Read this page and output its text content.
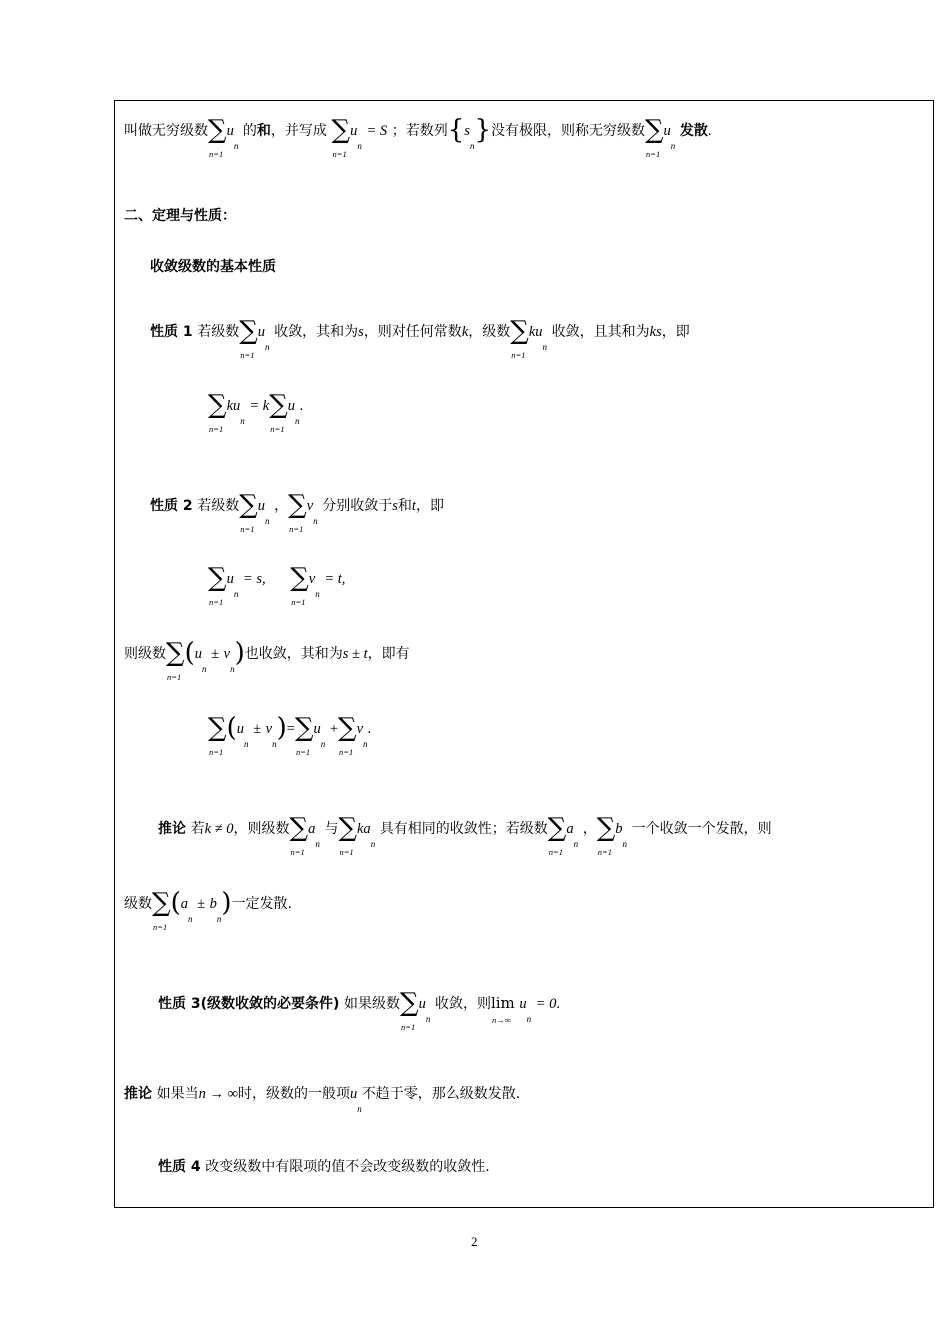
叫做无穷级数∑
n=1
$u_n$ 的和，并写成 ∑
n=1
$u_n = S$ ；若数列$\{s_n\}$没有极限，则称无穷级数∑
n=1
$u_n$ 发散.
二、定理与性质：
收敛级数的基本性质
性质 1 若级数∑
n=1
$u_n$ 收敛，其和为s，则对任何常数k，级数∑
n=1
$ku_n$ 收敛，且其和为ks，即
∑
n=1
$ku_n = k\sum$
n=1
$u_n$.
性质 2 若级数∑
n=1
$u_n$ ，∑
n=1
$v_n$ 分别收敛于s和t，即
∑
n=1
$u_n = s$, ∑
n=1
$v_n = t$,
则级数∑
n=1
$(u_n \pm v_n)$也收敛，其和为s ± t，即有
∑
n=1
$(u_n \pm v_n)=\sum$
n=1
$u_n$ +∑
n=1
$v_n$.
推论 若k ≠ 0，则级数∑
n=1
$a_n$ 与∑
n=1
$ka_n$ 具有相同的收敛性；若级数∑
n=1
$a_n$ ，∑
n=1
$b_n$ 一个收敛一个发散，则
级数∑
n=1
$(a_n \pm b_n)$一定发散.
性质 3(级数收敛的必要条件) 如果级数∑
n=1
$u_n$ 收敛，则lim
n→∞
$u_n = 0$.
推论 如果当n → ∞时，级数的一般项$u_n$不趋于零，那么级数发散.
性质 4 改变级数中有限项的值不会改变级数的收敛性.
2
